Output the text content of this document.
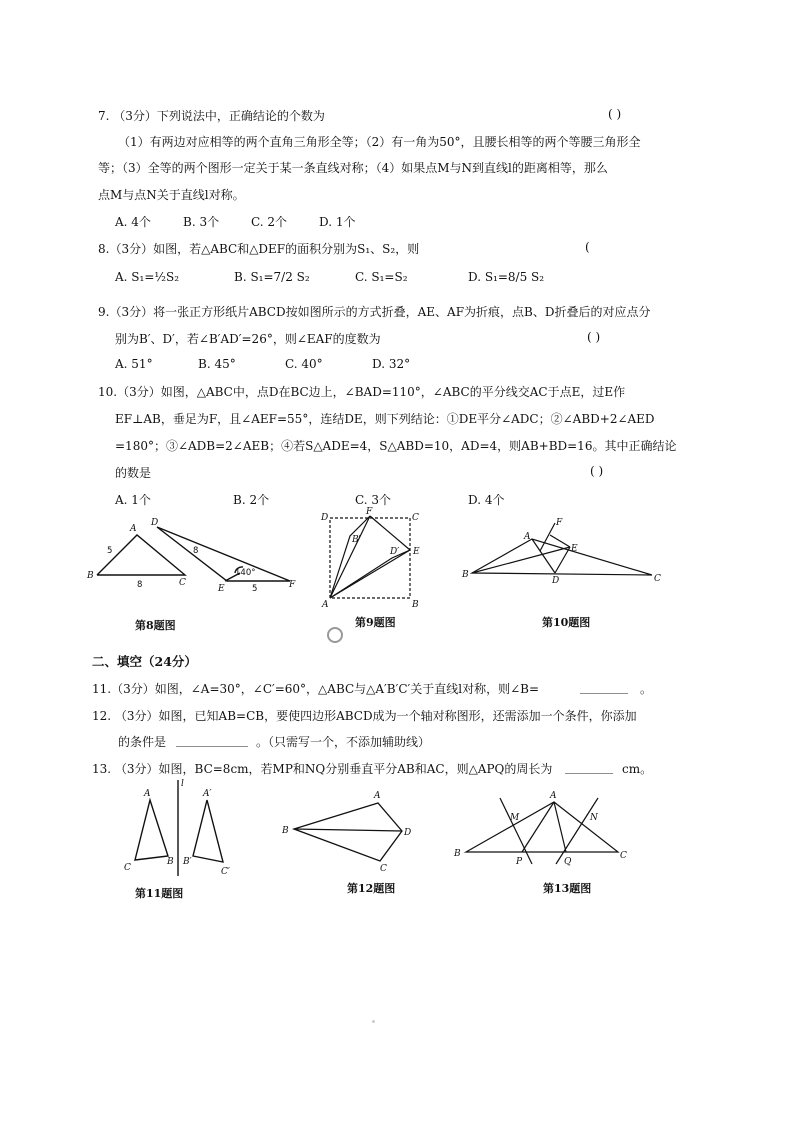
7. （3分）下列说法中，正确结论的个数为	( )
（1）有两边对应相等的两个直角三角形全等；（2）有一角为50°，且腰长相等的两个等腰三角形全
等；（3）全等的两个图形一定关于某一条直线对称；（4）如果点M与N到直线l的距离相等，那么
点M与点N关于直线l对称。
A. 4个	B. 3个	C. 2个	D. 1个
8.（3分）如图，若△ABC和△DEF的面积分别为S₁、S₂，则	(
A. S₁=½S₂	B. S₁=7/2 S₂	C. S₁=S₂	D. S₁=8/5 S₂
9.（3分）将一张正方形纸片ABCD按如图所示的方式折叠，AE、AF为折痕，点B、D折叠后的对应点分
别为B′、D′，若∠B′AD′=26°，则∠EAF的度数为	( )
A. 51°	B. 45°	C. 40°	D. 32°
10.（3分）如图，△ABC中，点D在BC边上，∠BAD=110°，∠ABC的平分线交AC于点E，过E作
EF⊥AB，垂足为F，且∠AEF=55°，连结DE，则下列结论：①DE平分∠ADC；②∠ABD+2∠AED
=180°；③∠ADB=2∠AEB；④若S△ADE=4，S△ABD=10，AD=4，则AB+BD=16。其中正确结论
的数是	( )
A. 1个	B. 2个	C. 3个	D. 4个
B
A
C
D
E	F
5
8
8
5
140°
第8题图
A	B
C
D
E
F
B′
D′
第9题图
B
A
D
E
F
C
第10题图
二、填空（24分）
11.（3分）如图，∠A=30°，∠C′=60°，△ABC与△A′B′C′关于直线l对称，则∠B=	________ 。
12. （3分）如图，已知AB=CB，要使四边形ABCD成为一个轴对称图形，还需添加一个条件，你添加
的条件是 ____________ 。（只需写一个，不添加辅助线）
13. （3分）如图，BC=8cm，若MP和NQ分别垂直平分AB和AC，则△APQ的周长为 ________ cm。
A
C
B
A′
B′
C′
l
第11题图
B
A
D
C
第12题图
B
A
C
M	N
P	Q
第13题图
